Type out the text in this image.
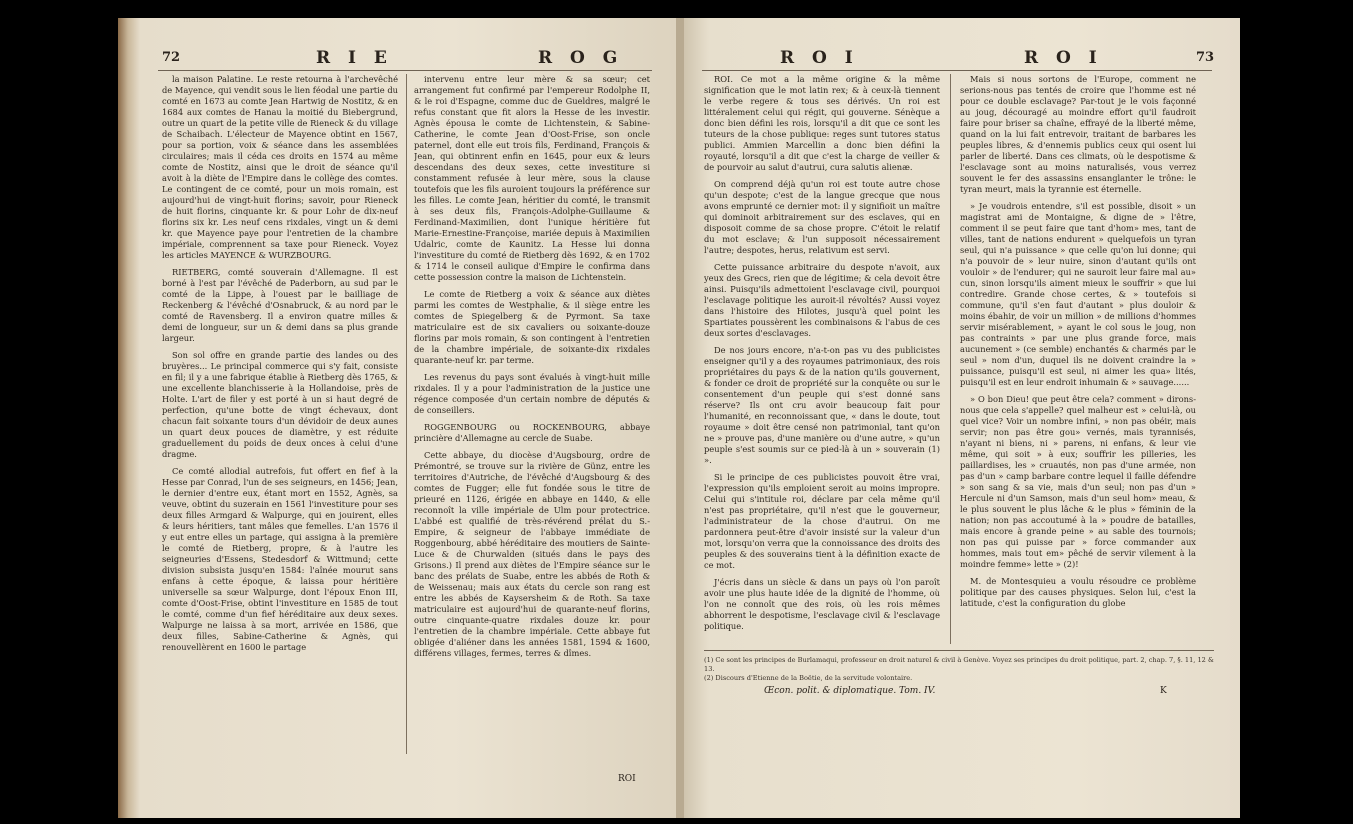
72	R I E	R O G

la maison Palatine. Le reste retourna à l'archevêché de Mayence, qui vendit sous le lien féodal une partie du comté en 1673 au comte Jean Hartwig de Nostitz, & en 1684 aux comtes de Hanau la moitié du Biebergrund, outre un quart de la petite ville de Rieneck & du village de Schaibach. L'électeur de Mayence obtint en 1567, pour sa portion, voix & séance dans les assemblées circulaires; mais il céda ces droits en 1574 au même comte de Nostitz, ainsi que le droit de séance qu'il avoit à la diète de l'Empire dans le collège des comtes. Le contingent de ce comté, pour un mois romain, est aujourd'hui de vingt-huit florins; savoir, pour Rieneck de huit florins, cinquante kr. & pour Lohr de dix-neuf florins six kr. Les neuf cens rixdales, vingt un & demi kr. que Mayence paye pour l'entretien de la chambre impériale, comprennent sa taxe pour Rieneck. Voyez les articles MAYENCE & WURZBOURG.

RIETBERG, comté souverain d'Allemagne. Il est borné à l'est par l'évêché de Paderborn, au sud par le comté de la Lippe, à l'ouest par le bailliage de Reckenberg & l'évêché d'Osnabruck, & au nord par le comté de Ravensberg. Il a environ quatre milles & demi de longueur, sur un & demi dans sa plus grande largeur.

Son sol offre en grande partie des landes ou des bruyères... Le principal commerce qui s'y fait, consiste en fil; il y a une fabrique établie à Rietberg dès 1765, & une excellente blanchisserie à la Hollandoise, près de Holte. L'art de filer y est porté à un si haut degré de perfection, qu'une botte de vingt échevaux, dont chacun fait soixante tours d'un dévidoir de deux aunes un quart deux pouces de diamètre, y est réduite graduellement du poids de deux onces à celui d'une dragme.

Ce comté allodial autrefois, fut offert en fief à la Hesse par Conrad, l'un de ses seigneurs, en 1456; Jean, le dernier d'entre eux, étant mort en 1552, Agnès, sa veuve, obtint du suzerain en 1561 l'investiture pour ses deux filles Armgard & Walpurge, qui en jouirent, elles & leurs héritiers, tant mâles que femelles. L'an 1576 il y eut entre elles un partage, qui assigna à la première le comté de Rietberg, propre, & à l'autre les seigneuries d'Essens, Stedesdorf & Wittmund; cette division subsista jusqu'en 1584: l'aînée mourut sans enfans à cette époque, & laissa pour héritière universelle sa sœur Walpurge, dont l'époux Enon III, comte d'Oost-Frise, obtint l'investiture en 1585 de tout le comté, comme d'un fief héréditaire aux deux sexes. Walpurge ne laissa à sa mort, arrivée en 1586, que deux filles, Sabine-Catherine & Agnès, qui renouvellèrent en 1600 le partage

intervenu entre leur mère & sa sœur; cet arrangement fut confirmé par l'empereur Rodolphe II, & le roi d'Espagne, comme duc de Gueldres, malgré le refus constant que fit alors la Hesse de les investir. Agnès épousa le comte de Lichtenstein, & Sabine-Catherine, le comte Jean d'Oost-Frise, son oncle paternel, dont elle eut trois fils, Ferdinand, François & Jean, qui obtinrent enfin en 1645, pour eux & leurs descendans des deux sexes, cette investiture si constamment refusée à leur mère, sous la clause toutefois que les fils auroient toujours la préférence sur les filles. Le comte Jean, héritier du comté, le transmit à ses deux fils, François-Adolphe-Guillaume & Ferdinand-Maximilien, dont l'unique héritière fut Marie-Ernestine-Françoise, mariée depuis à Maximilien Udalric, comte de Kaunitz. La Hesse lui donna l'investiture du comté de Rietberg dès 1692, & en 1702 & 1714 le conseil aulique d'Empire le confirma dans cette possession contre la maison de Lichtenstein.

Le comte de Rietberg a voix & séance aux diètes parmi les comtes de Westphalie, & il siège entre les comtes de Spiegelberg & de Pyrmont. Sa taxe matriculaire est de six cavaliers ou soixante-douze florins par mois romain, & son contingent à l'entretien de la chambre impériale, de soixante-dix rixdales quarante-neuf kr. par terme.

Les revenus du pays sont évalués à vingt-huit mille rixdales. Il y a pour l'administration de la justice une régence composée d'un certain nombre de députés & de conseillers.

ROGGENBOURG ou ROCKENBOURG, abbaye princière d'Allemagne au cercle de Suabe.

Cette abbaye, du diocèse d'Augsbourg, ordre de Prémontré, se trouve sur la rivière de Günz, entre les territoires d'Autriche, de l'évêché d'Augsbourg & des comtes de Fugger; elle fut fondée sous le titre de prieuré en 1126, érigée en abbaye en 1440, & elle reconnoît la ville impériale de Ulm pour protectrice. L'abbé est qualifié de très-révérend prélat du S.-Empire, & seigneur de l'abbaye immédiate de Roggenbourg, abbé héréditaire des moutiers de Sainte-Luce & de Churwalden (situés dans le pays des Grisons.) Il prend aux diètes de l'Empire séance sur le banc des prélats de Suabe, entre les abbés de Roth & de Weissenau; mais aux états du cercle son rang est entre les abbés de Kaysersheim & de Roth. Sa taxe matriculaire est aujourd'hui de quarante-neuf florins, outre cinquante-quatre rixdales douze kr. pour l'entretien de la chambre impériale. Cette abbaye fut obligée d'aliéner dans les années 1581, 1594 & 1600, différens villages, fermes, terres & dîmes.

ROI
R O I	R O I	73

ROI. Ce mot a la même origine & la même signification que le mot latin rex; & à ceux-là tiennent le verbe regere & tous ses dérivés. Un roi est littéralement celui qui régit, qui gouverne. Sénèque a donc bien défini les rois, lorsqu'il a dit que ce sont les tuteurs de la chose publique: reges sunt tutores status publici. Ammien Marcellin a donc bien défini la royauté, lorsqu'il a dit que c'est la charge de veiller & de pourvoir au salut d'autrui, cura salutis alienæ.

On comprend déjà qu'un roi est toute autre chose qu'un despote; c'est de la langue grecque que nous avons emprunté ce dernier mot: il y signifioit un maître qui dominoit arbitrairement sur des esclaves, qui en disposoit comme de sa chose propre. C'étoit le relatif du mot esclave; & l'un supposoit nécessairement l'autre; despotes, herus, relativum est servi.

Cette puissance arbitraire du despote n'avoit, aux yeux des Grecs, rien que de légitime; & cela devoit être ainsi. Puisqu'ils admettoient l'esclavage civil, pourquoi l'esclavage politique les auroit-il révoltés? Aussi voyez dans l'histoire des Hilotes, jusqu'à quel point les Spartiates poussèrent les combinaisons & l'abus de ces deux sortes d'esclavages.

De nos jours encore, n'a-t-on pas vu des publicistes enseigner qu'il y a des royaumes patrimoniaux, des rois propriétaires du pays & de la nation qu'ils gouvernent, & fonder ce droit de propriété sur la conquête ou sur le consentement d'un peuple qui s'est donné sans réserve? Ils ont cru avoir beaucoup fait pour l'humanité, en reconnoissant que, « dans le doute, tout royaume » doit être censé non patrimonial, tant qu'on ne » prouve pas, d'une manière ou d'une autre, » qu'un peuple s'est soumis sur ce pied-là à un » souverain (1) ».

Si le principe de ces publicistes pouvoit être vrai, l'expression qu'ils emploient seroit au moins impropre. Celui qui s'intitule roi, déclare par cela même qu'il n'est pas propriétaire, qu'il n'est que le gouverneur, l'administrateur de la chose d'autrui. On me pardonnera peut-être d'avoir insisté sur la valeur d'un mot, lorsqu'on verra que la connoissance des droits des peuples & des souverains tient à la définition exacte de ce mot.

J'écris dans un siècle & dans un pays où l'on paroît avoir une plus haute idée de la dignité de l'homme, où l'on ne connoît que des rois, où les rois mêmes abhorrent le despotisme, l'esclavage civil & l'esclavage politique.

Mais si nous sortons de l'Europe, comment ne serions-nous pas tentés de croire que l'homme est né pour ce double esclavage? Par-tout je le vois façonné au joug, découragé au moindre effort qu'il faudroit faire pour briser sa chaîne, effrayé de la liberté même, quand on la lui fait entrevoir, traitant de barbares les peuples libres, & d'ennemis publics ceux qui osent lui parler de liberté. Dans ces climats, où le despotisme & l'esclavage sont au moins naturalisés, vous verrez souvent le fer des assassins ensanglanter le trône: le tyran meurt, mais la tyrannie est éternelle.

» Je voudrois entendre, s'il est possible, disoit » un magistrat ami de Montaigne, & digne de » l'être, comment il se peut faire que tant d'hom» mes, tant de villes, tant de nations endurent » quelquefois un tyran seul, qui n'a puissance » que celle qu'on lui donne; qui n'a pouvoir de » leur nuire, sinon d'autant qu'ils ont vouloir » de l'endurer; qui ne sauroit leur faire mal au» cun, sinon lorsqu'ils aiment mieux le souffrir » que lui contredire. Grande chose certes, & » toutefois si commune, qu'il s'en faut d'autant » plus douloir & moins ébahir, de voir un million » de millions d'hommes servir misérablement, » ayant le col sous le joug, non pas contraints » par une plus grande force, mais aucunement » (ce semble) enchantés & charmés par le seul » nom d'un, duquel ils ne doivent craindre la » puissance, puisqu'il est seul, ni aimer les qua» lités, puisqu'il est en leur endroit inhumain & » sauvage......

» O bon Dieu! que peut être cela? comment » dirons-nous que cela s'appelle? quel malheur est » celui-là, ou quel vice? Voir un nombre infini, » non pas obéir, mais servir; non pas être gou» vernés, mais tyrannisés, n'ayant ni biens, ni » parens, ni enfans, & leur vie même, qui soit » à eux; souffrir les pilleries, les paillardises, les » cruautés, non pas d'une armée, non pas d'un » camp barbare contre lequel il faille défendre » son sang & sa vie, mais d'un seul; non pas d'un » Hercule ni d'un Samson, mais d'un seul hom» meau, & le plus souvent le plus lâche & le plus » féminin de la nation; non pas accoutumé à la » poudre de batailles, mais encore à grande peine » au sable des tournois; non pas qui puisse par » force commander aux hommes, mais tout em» pêché de servir vilement à la moindre femme» lette » (2)!

M. de Montesquieu a voulu résoudre ce problème politique par des causes physiques. Selon lui, c'est la latitude, c'est la configuration du globe

(1) Ce sont les principes de Burlamaqui, professeur en droit naturel & civil à Genève. Voyez ses principes du droit politique, part. 2, chap. 7, §. 11, 12 & 13.
(2) Discours d'Etienne de la Boëtie, de la servitude volontaire.
Œcon. polit. & diplomatique. Tom. IV.	K
